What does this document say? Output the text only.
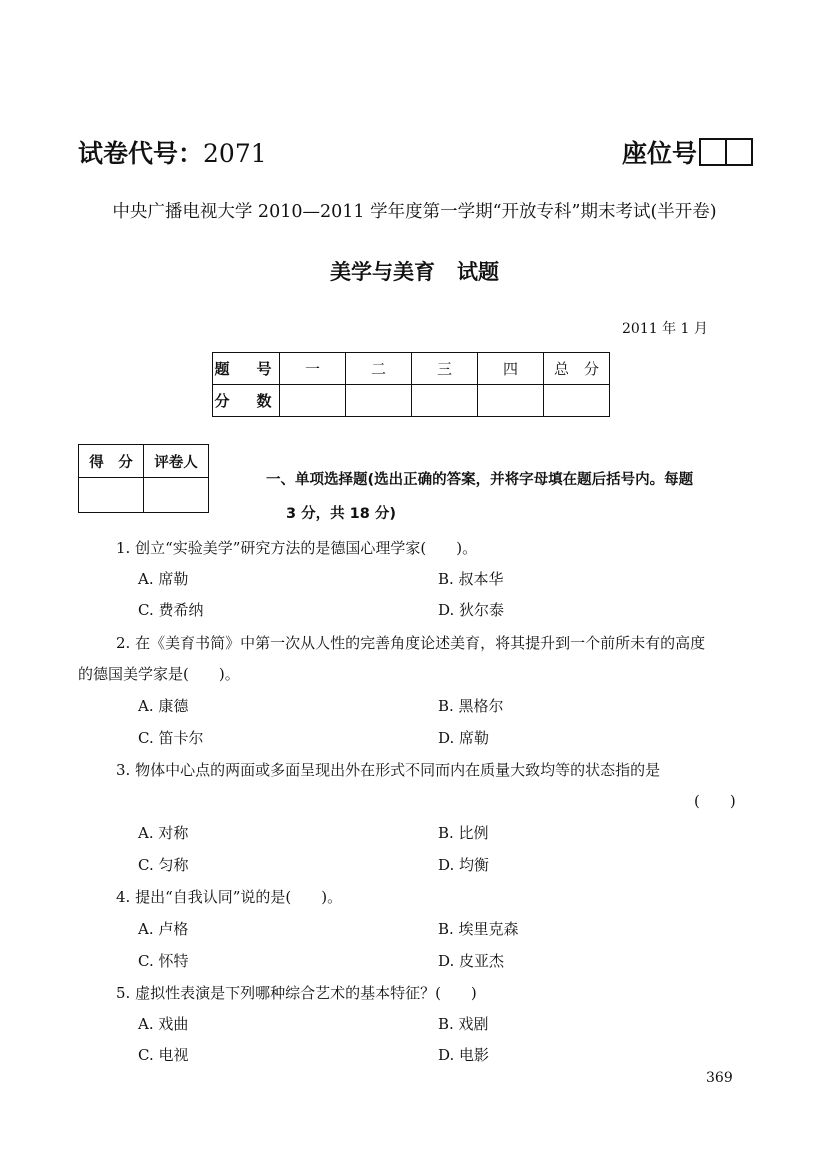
试卷代号：2071	座位号
中央广播电视大学 2010—2011 学年度第一学期“开放专科”期末考试(半开卷)
美学与美育   试题
2011 年 1 月
题　号	一	二	三	四	总　分
分　数					
得　分	评卷人

一、单项选择题(选出正确的答案，并将字母填在题后括号内。每题
3 分，共 18 分)
1. 创立“实验美学”研究方法的是德国心理学家(　　)。
A. 席勒	B. 叔本华
C. 费希纳	D. 狄尔泰
2. 在《美育书简》中第一次从人性的完善角度论述美育，将其提升到一个前所未有的高度
的德国美学家是(　　)。
A. 康德	B. 黑格尔
C. 笛卡尔	D. 席勒
3. 物体中心点的两面或多面呈现出外在形式不同而内在质量大致均等的状态指的是
(　　)
A. 对称	B. 比例
C. 匀称	D. 均衡
4. 提出“自我认同”说的是(　　)。
A. 卢格	B. 埃里克森
C. 怀特	D. 皮亚杰
5. 虚拟性表演是下列哪种综合艺术的基本特征？(　　)
A. 戏曲	B. 戏剧
C. 电视	D. 电影
369
